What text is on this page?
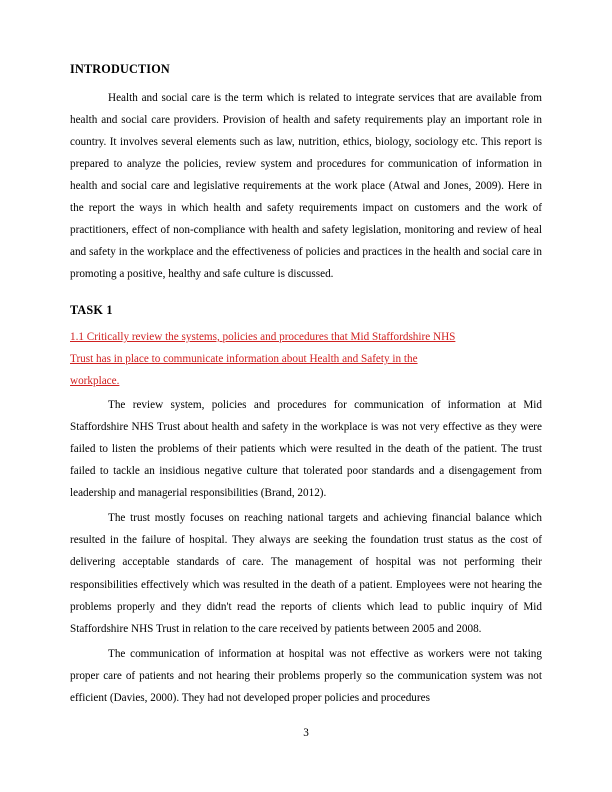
INTRODUCTION

Health and social care is the term which is related to integrate services that are available from health and social care providers. Provision of health and safety requirements play an important role in country. It involves several elements such as law, nutrition, ethics, biology, sociology etc. This report is prepared to analyze the policies, review system and procedures for communication of information in health and social care and legislative requirements at the work place (Atwal and Jones, 2009). Here in the report the ways in which health and safety requirements impact on customers and the work of practitioners, effect of non-compliance with health and safety legislation, monitoring and review of heal and safety in the workplace and the effectiveness of policies and practices in the health and social care in promoting a positive, healthy and safe culture is discussed.

TASK 1
1.1 Critically review the systems, policies and procedures that Mid Staffordshire NHS
Trust has in place to communicate information about Health and Safety in the
workplace.

The review system, policies and procedures for communication of information at Mid Staffordshire NHS Trust about health and safety in the workplace is was not very effective as they were failed to listen the problems of their patients which were resulted in the death of the patient. The trust failed to tackle an insidious negative culture that tolerated poor standards and a disengagement from leadership and managerial responsibilities (Brand, 2012).

The trust mostly focuses on reaching national targets and achieving financial balance which resulted in the failure of hospital. They always are seeking the foundation trust status as the cost of delivering acceptable standards of care. The management of hospital was not performing their responsibilities effectively which was resulted in the death of a patient. Employees were not hearing the problems properly and they didn't read the reports of clients which lead to public inquiry of Mid Staffordshire NHS Trust in relation to the care received by patients between 2005 and 2008.

The communication of information at hospital was not effective as workers were not taking proper care of patients and not hearing their problems properly so the communication system was not efficient (Davies, 2000). They had not developed proper policies and procedures

3
